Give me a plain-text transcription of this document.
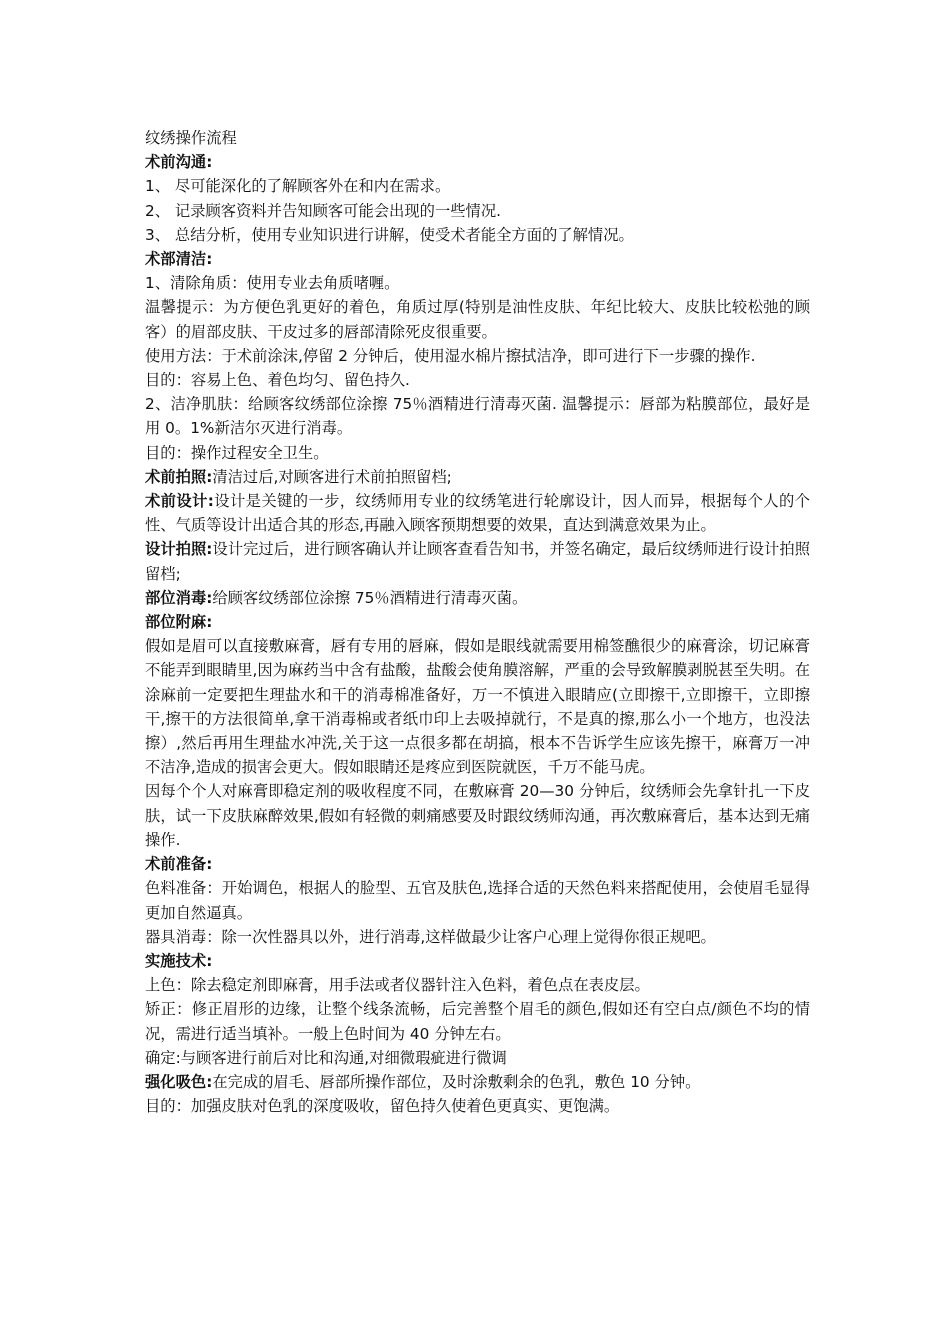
纹绣操作流程

术前沟通:

1、 尽可能深化的了解顾客外在和内在需求。

2、 记录顾客资料并告知顾客可能会出现的一些情况.

3、 总结分析，使用专业知识进行讲解，使受术者能全方面的了解情况。

术部清洁:

1、清除角质：使用专业去角质啫喱。

温馨提示：为方便色乳更好的着色，角质过厚(特别是油性皮肤、年纪比较大、皮肤比较松弛的顾客）的眉部皮肤、干皮过多的唇部清除死皮很重要。

使用方法：于术前涂沫,停留 2 分钟后，使用湿水棉片擦拭洁净，即可进行下一步骤的操作.

目的：容易上色、着色均匀、留色持久.

2、洁净肌肤：给顾客纹绣部位涂擦 75％酒精进行清毒灭菌. 温馨提示：唇部为粘膜部位，最好是用 0。1%新洁尔灭进行消毒。

目的：操作过程安全卫生。

术前拍照:清洁过后,对顾客进行术前拍照留档;

术前设计:设计是关键的一步，纹绣师用专业的纹绣笔进行轮廓设计，因人而异，根据每个人的个性、气质等设计出适合其的形态,再融入顾客预期想要的效果，直达到满意效果为止。

设计拍照:设计完过后，进行顾客确认并让顾客查看告知书，并签名确定，最后纹绣师进行设计拍照留档;

部位消毒:给顾客纹绣部位涂擦 75％酒精进行清毒灭菌。

部位附麻:

假如是眉可以直接敷麻膏，唇有专用的唇麻，假如是眼线就需要用棉签醮很少的麻膏涂，切记麻膏不能弄到眼睛里,因为麻药当中含有盐酸，盐酸会使角膜溶解，严重的会导致解膜剥脱甚至失明。在涂麻前一定要把生理盐水和干的消毒棉准备好，万一不慎进入眼睛应(立即擦干,立即擦干，立即擦干,擦干的方法很简单,拿干消毒棉或者纸巾印上去吸掉就行，不是真的擦,那么小一个地方，也没法擦）,然后再用生理盐水冲洗,关于这一点很多都在胡搞，根本不告诉学生应该先擦干，麻膏万一冲不洁净,造成的损害会更大。假如眼睛还是疼应到医院就医，千万不能马虎。

因每个个人对麻膏即稳定剂的吸收程度不同，在敷麻膏 20—30 分钟后，纹绣师会先拿针扎一下皮肤，试一下皮肤麻醉效果,假如有轻微的刺痛感要及时跟纹绣师沟通，再次敷麻膏后，基本达到无痛操作.

术前准备:

色料准备：开始调色，根据人的脸型、五官及肤色,选择合适的天然色料来搭配使用，会使眉毛显得更加自然逼真。

器具消毒：除一次性器具以外，进行消毒,这样做最少让客户心理上觉得你很正规吧。

实施技术:

上色：除去稳定剂即麻膏，用手法或者仪器针注入色料，着色点在表皮层。

矫正：修正眉形的边缘，让整个线条流畅，后完善整个眉毛的颜色,假如还有空白点/颜色不均的情况，需进行适当填补。一般上色时间为 40 分钟左右。

确定:与顾客进行前后对比和沟通,对细微瑕疵进行微调

强化吸色:在完成的眉毛、唇部所操作部位，及时涂敷剩余的色乳，敷色 10 分钟。

目的：加强皮肤对色乳的深度吸收，留色持久使着色更真实、更饱满。
